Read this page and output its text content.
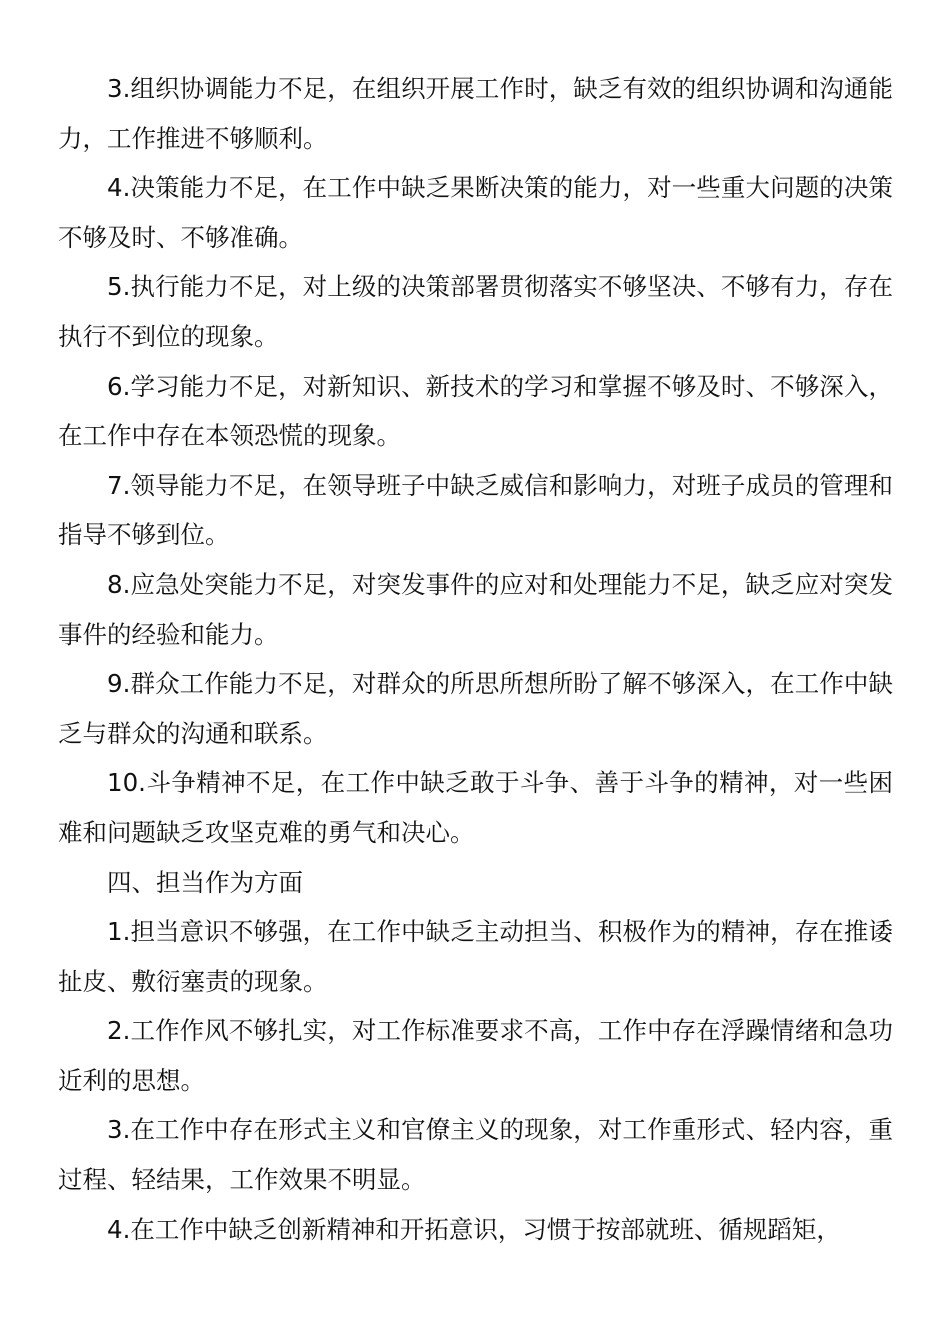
3.组织协调能力不足，在组织开展工作时，缺乏有效的组织协调和沟通能力，工作推进不够顺利。

4.决策能力不足，在工作中缺乏果断决策的能力，对一些重大问题的决策不够及时、不够准确。

5.执行能力不足，对上级的决策部署贯彻落实不够坚决、不够有力，存在执行不到位的现象。

6.学习能力不足，对新知识、新技术的学习和掌握不够及时、不够深入，在工作中存在本领恐慌的现象。

7.领导能力不足，在领导班子中缺乏威信和影响力，对班子成员的管理和指导不够到位。

8.应急处突能力不足，对突发事件的应对和处理能力不足，缺乏应对突发事件的经验和能力。

9.群众工作能力不足，对群众的所思所想所盼了解不够深入，在工作中缺乏与群众的沟通和联系。

10.斗争精神不足，在工作中缺乏敢于斗争、善于斗争的精神，对一些困难和问题缺乏攻坚克难的勇气和决心。

四、担当作为方面

1.担当意识不够强，在工作中缺乏主动担当、积极作为的精神，存在推诿扯皮、敷衍塞责的现象。

2.工作作风不够扎实，对工作标准要求不高，工作中存在浮躁情绪和急功近利的思想。

3.在工作中存在形式主义和官僚主义的现象，对工作重形式、轻内容，重过程、轻结果，工作效果不明显。

4.在工作中缺乏创新精神和开拓意识，习惯于按部就班、循规蹈矩，
